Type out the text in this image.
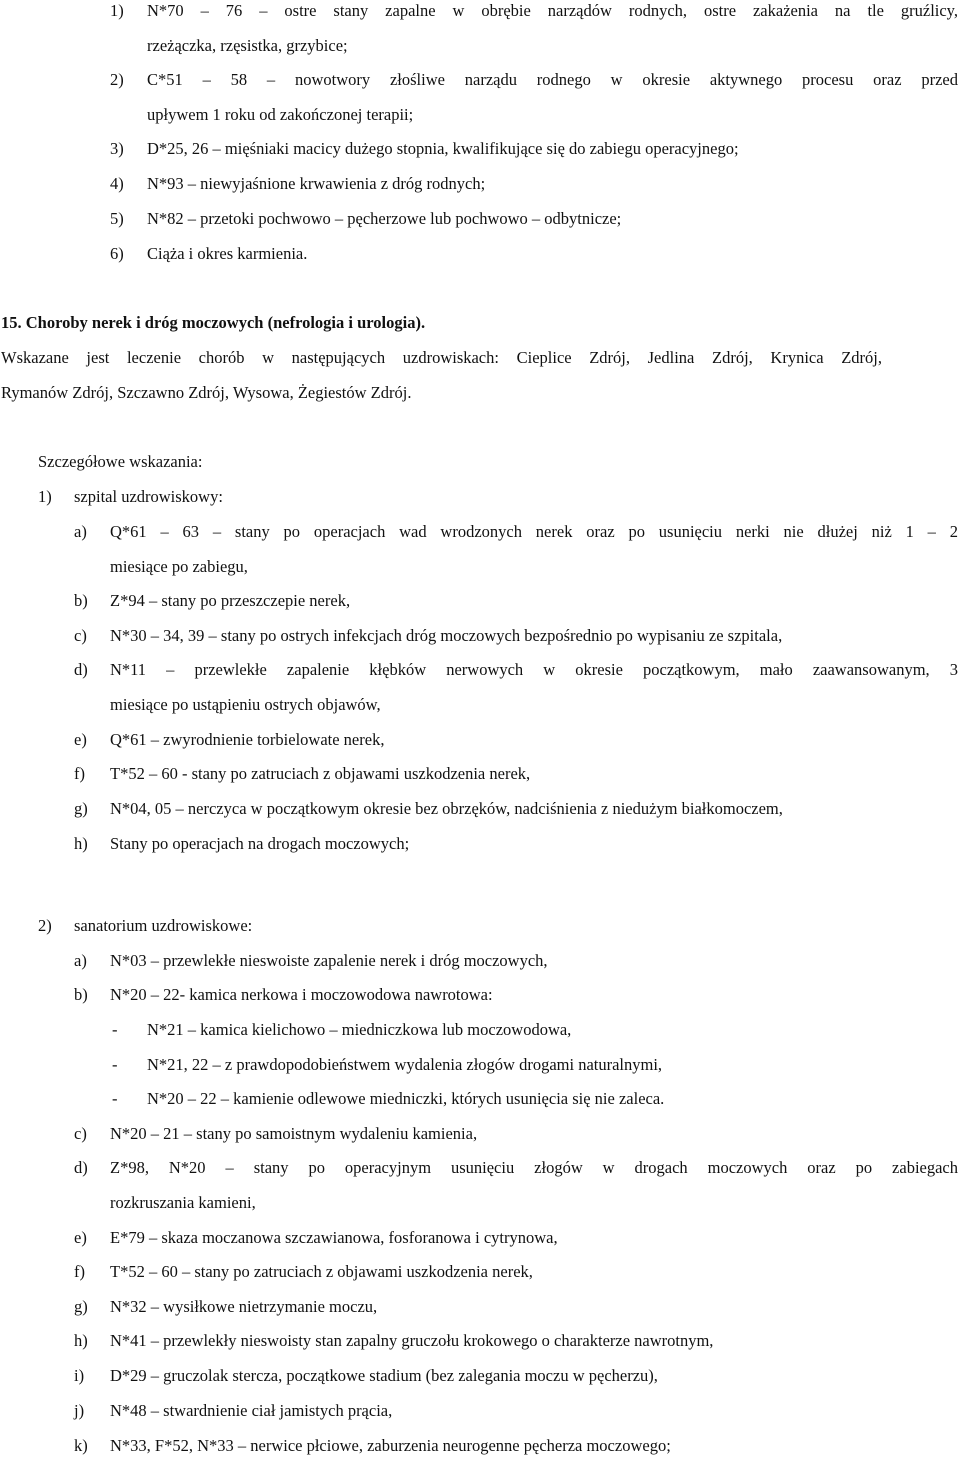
1) N*70 – 76 – ostre stany zapalne w obrębie narządów rodnych, ostre zakażenia na tle gruźlicy,
rzeżączka, rzęsistka, grzybice;
2) C*51 – 58 – nowotwory złośliwe narządu rodnego w okresie aktywnego procesu oraz przed
upływem 1 roku od zakończonej terapii;
3) D*25, 26 – mięśniaki macicy dużego stopnia, kwalifikujące się do zabiegu operacyjnego;
4) N*93 – niewyjaśnione krwawienia z dróg rodnych;
5) N*82 – przetoki pochwowo – pęcherzowe lub pochwowo – odbytnicze;
6) Ciąża i okres karmienia.
15. Choroby nerek i dróg moczowych (nefrologia i urologia).
Wskazane jest leczenie chorób w następujących uzdrowiskach: Cieplice Zdrój, Jedlina Zdrój, Krynica Zdrój,
Rymanów Zdrój, Szczawno Zdrój, Wysowa, Żegiestów Zdrój.
Szczegółowe wskazania:
1) szpital uzdrowiskowy:
a) Q*61 – 63 – stany po operacjach wad wrodzonych nerek oraz po usunięciu nerki nie dłużej niż 1 – 2
miesiące po zabiegu,
b) Z*94 – stany po przeszczepie nerek,
c) N*30 – 34, 39 – stany po ostrych infekcjach dróg moczowych bezpośrednio po wypisaniu ze szpitala,
d) N*11 – przewlekłe zapalenie kłębków nerwowych w okresie początkowym, mało zaawansowanym, 3
miesiące po ustąpieniu ostrych objawów,
e) Q*61 – zwyrodnienie torbielowate nerek,
f) T*52 – 60 - stany po zatruciach z objawami uszkodzenia nerek,
g) N*04, 05 – nerczyca w początkowym okresie bez obrzęków, nadciśnienia z niedużym białkomoczem,
h) Stany po operacjach na drogach moczowych;
2) sanatorium uzdrowiskowe:
a) N*03 – przewlekłe nieswoiste zapalenie nerek i dróg moczowych,
b) N*20 – 22- kamica nerkowa i moczowodowa nawrotowa:
- N*21 – kamica kielichowo – miedniczkowa lub moczowodowa,
- N*21, 22 – z prawdopodobieństwem wydalenia złogów drogami naturalnymi,
- N*20 – 22 – kamienie odlewowe miedniczki, których usunięcia się nie zaleca.
c) N*20 – 21 – stany po samoistnym wydaleniu kamienia,
d) Z*98, N*20 – stany po operacyjnym usunięciu złogów w drogach moczowych oraz po zabiegach
rozkruszania kamieni,
e) E*79 – skaza moczanowa szczawianowa, fosforanowa i cytrynowa,
f) T*52 – 60 – stany po zatruciach z objawami uszkodzenia nerek,
g) N*32 – wysiłkowe nietrzymanie moczu,
h) N*41 – przewlekły nieswoisty stan zapalny gruczołu krokowego o charakterze nawrotnym,
i) D*29 – gruczolak stercza, początkowe stadium (bez zalegania moczu w pęcherzu),
j) N*48 – stwardnienie ciał jamistych prącia,
k) N*33, F*52, N*33 – nerwice płciowe, zaburzenia neurogenne pęcherza moczowego;
